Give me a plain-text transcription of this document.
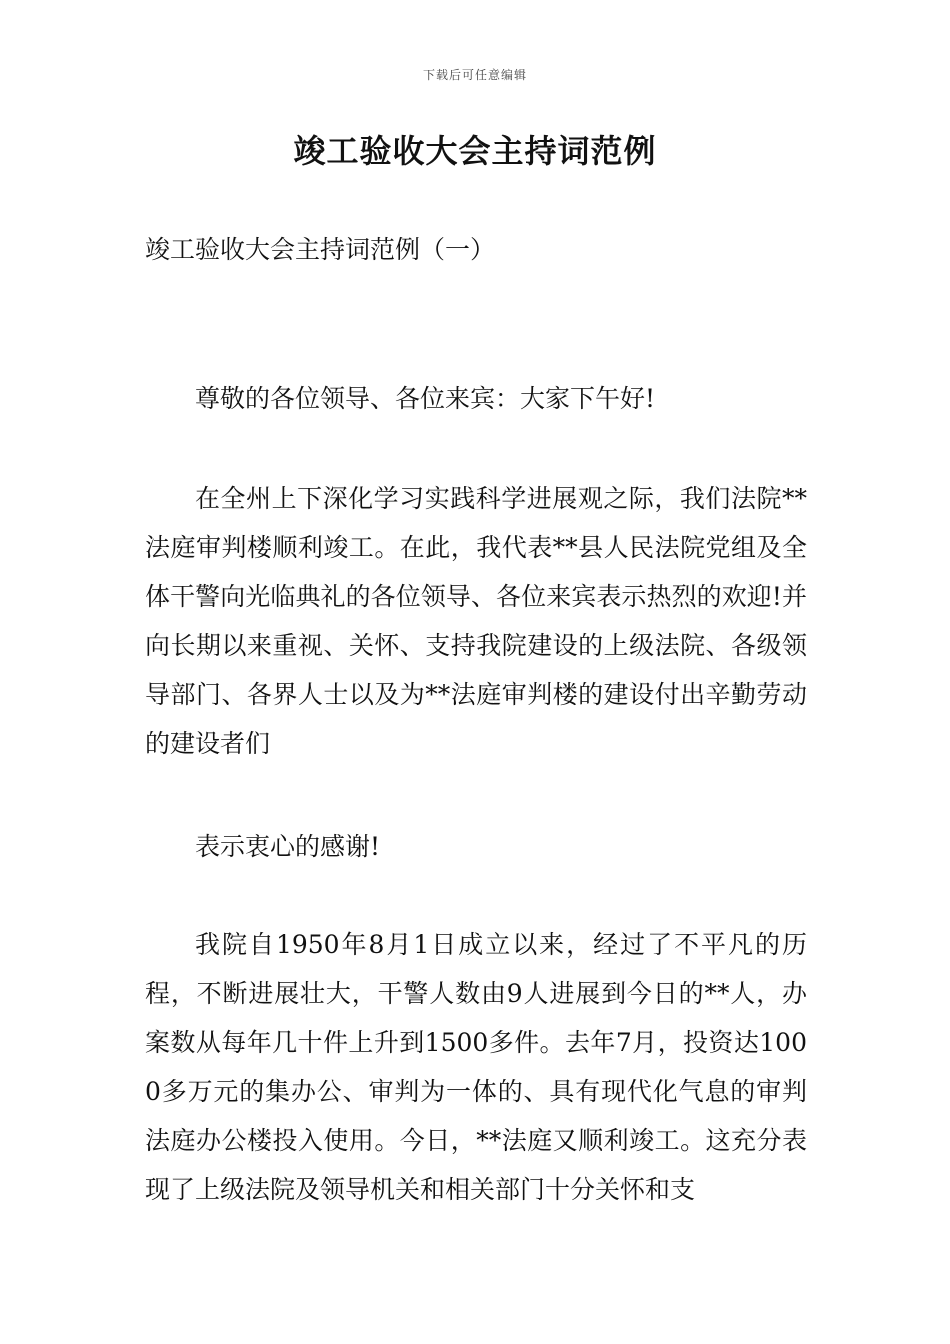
下载后可任意编辑
竣工验收大会主持词范例

竣工验收大会主持词范例（一）

尊敬的各位领导、各位来宾：大家下午好!

在全州上下深化学习实践科学进展观之际，我们法院**法庭审判楼顺利竣工。在此，我代表**县人民法院党组及全体干警向光临典礼的各位领导、各位来宾表示热烈的欢迎!并向长期以来重视、关怀、支持我院建设的上级法院、各级领导部门、各界人士以及为**法庭审判楼的建设付出辛勤劳动的建设者们

表示衷心的感谢!

我院自1950年8月1日成立以来，经过了不平凡的历程，不断进展壮大，干警人数由9人进展到今日的**人，办案数从每年几十件上升到1500多件。去年7月，投资达1000多万元的集办公、审判为一体的、具有现代化气息的审判法庭办公楼投入使用。今日，**法庭又顺利竣工。这充分表现了上级法院及领导机关和相关部门十分关怀和支
